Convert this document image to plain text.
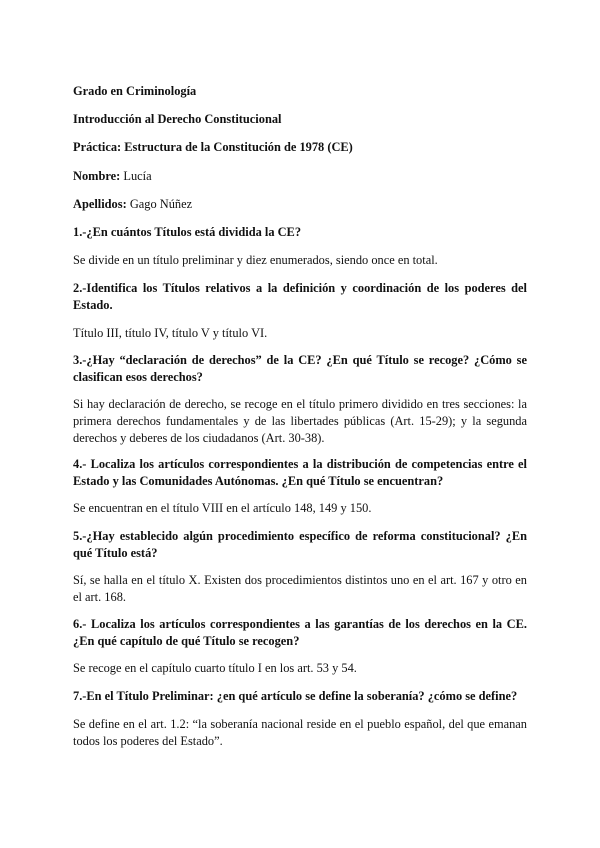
Grado en Criminología

Introducción al Derecho Constitucional

Práctica: Estructura de la Constitución de 1978 (CE)

Nombre: Lucía

Apellidos: Gago Núñez

1.-¿En cuántos Títulos está dividida la CE?

Se divide en un título preliminar y diez enumerados, siendo once en total.

2.-Identifica los Títulos relativos a la definición y coordinación de los poderes del Estado.

Título III, título IV, título V y título VI.

3.-¿Hay “declaración de derechos” de la CE? ¿En qué Título se recoge? ¿Cómo se clasifican esos derechos?

Si hay declaración de derecho, se recoge en el título primero dividido en tres secciones: la primera derechos fundamentales y de las libertades públicas (Art. 15-29); y la segunda derechos y deberes de los ciudadanos (Art. 30-38).

4.- Localiza los artículos correspondientes a la distribución de competencias entre el Estado y las Comunidades Autónomas. ¿En qué Título se encuentran?

Se encuentran en el título VIII en el artículo 148, 149 y 150.

5.-¿Hay establecido algún procedimiento específico de reforma constitucional? ¿En qué Título está?

Sí, se halla en el título X. Existen dos procedimientos distintos uno en el art. 167 y otro en el art. 168.

6.- Localiza los artículos correspondientes a las garantías de los derechos en la CE. ¿En qué capítulo de qué Título se recogen?

Se recoge en el capítulo cuarto título I en los art. 53 y 54.

7.-En el Título Preliminar: ¿en qué artículo se define la soberanía? ¿cómo se define?

Se define en el art. 1.2: “la soberanía nacional reside en el pueblo español, del que emanan todos los poderes del Estado”.
